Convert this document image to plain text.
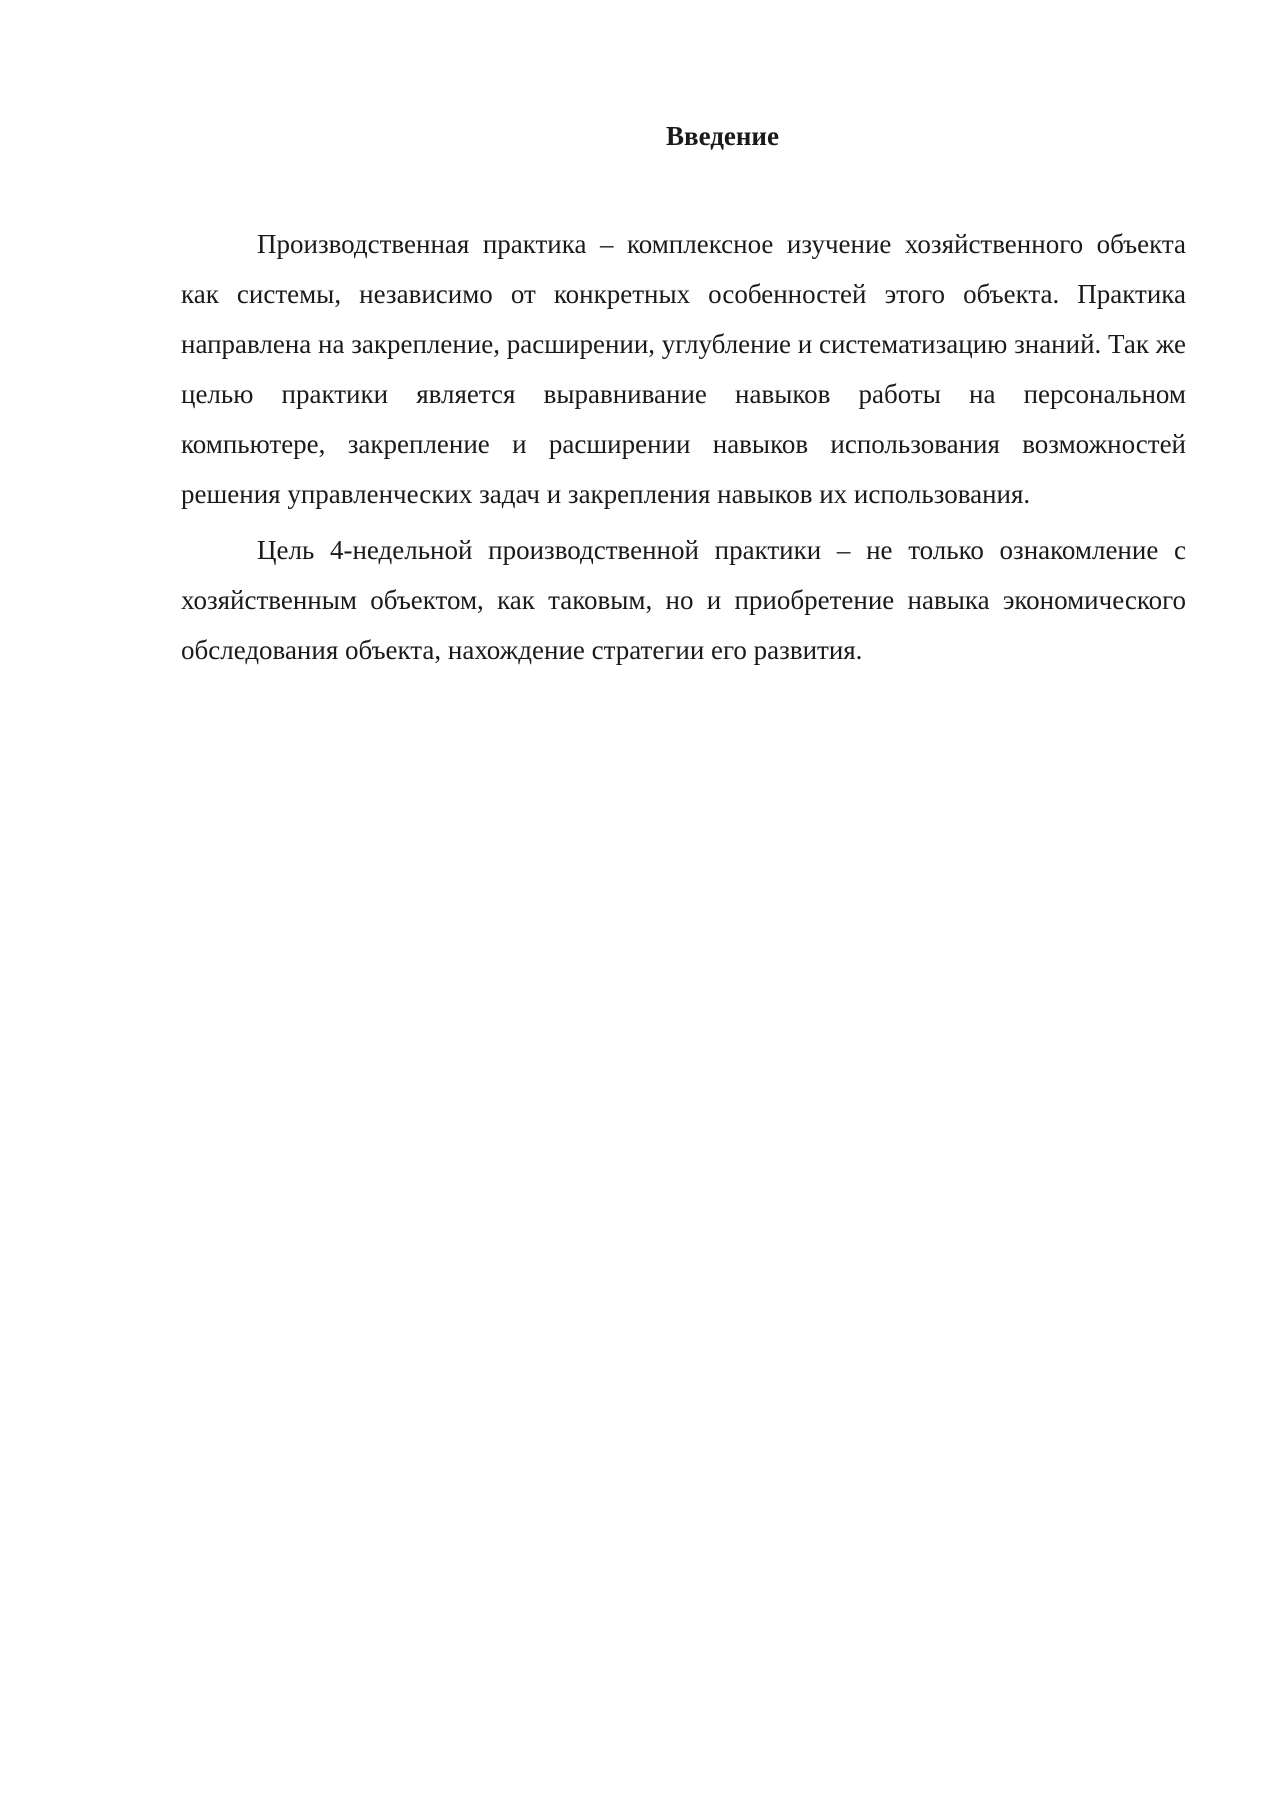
Введение

Производственная практика – комплексное изучение хозяйственного объекта как системы, независимо от конкретных особенностей этого объекта. Практика направлена на закрепление, расширении, углубление и систематизацию знаний. Так же целью практики является выравнивание навыков работы на персональном компьютере, закрепление и расширении навыков использования возможностей решения управленческих задач и закрепления навыков их использования.

Цель 4-недельной производственной практики – не только ознакомление с хозяйственным объектом, как таковым, но и приобретение навыка экономического обследования объекта, нахождение стратегии его развития.
